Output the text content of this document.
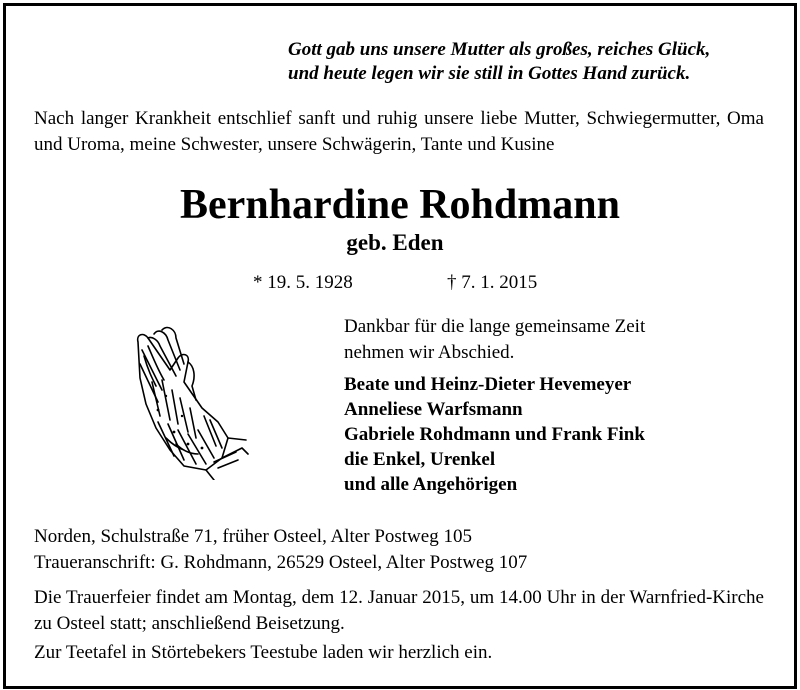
Gott gab uns unsere Mutter als großes, reiches Glück,
und heute legen wir sie still in Gottes Hand zurück.
Nach langer Krankheit entschlief sanft und ruhig unsere liebe Mutter, Schwiegermutter, Oma und Uroma, meine Schwester, unsere Schwägerin, Tante und Kusine
Bernhardine Rohdmann
geb. Eden
* 19. 5. 1928	† 7. 1. 2015
Dankbar für die lange gemeinsame Zeit
nehmen wir Abschied.
Beate und Heinz-Dieter Hevemeyer
Anneliese Warfsmann
Gabriele Rohdmann und Frank Fink
die Enkel, Urenkel
und alle Angehörigen
Norden, Schulstraße 71, früher Osteel, Alter Postweg 105
Traueranschrift: G. Rohdmann, 26529 Osteel, Alter Postweg 107
Die Trauerfeier findet am Montag, dem 12. Januar 2015, um 14.00 Uhr in der Warnfried-Kirche zu Osteel statt; anschließend Beisetzung.
Zur Teetafel in Störtebekers Teestube laden wir herzlich ein.
